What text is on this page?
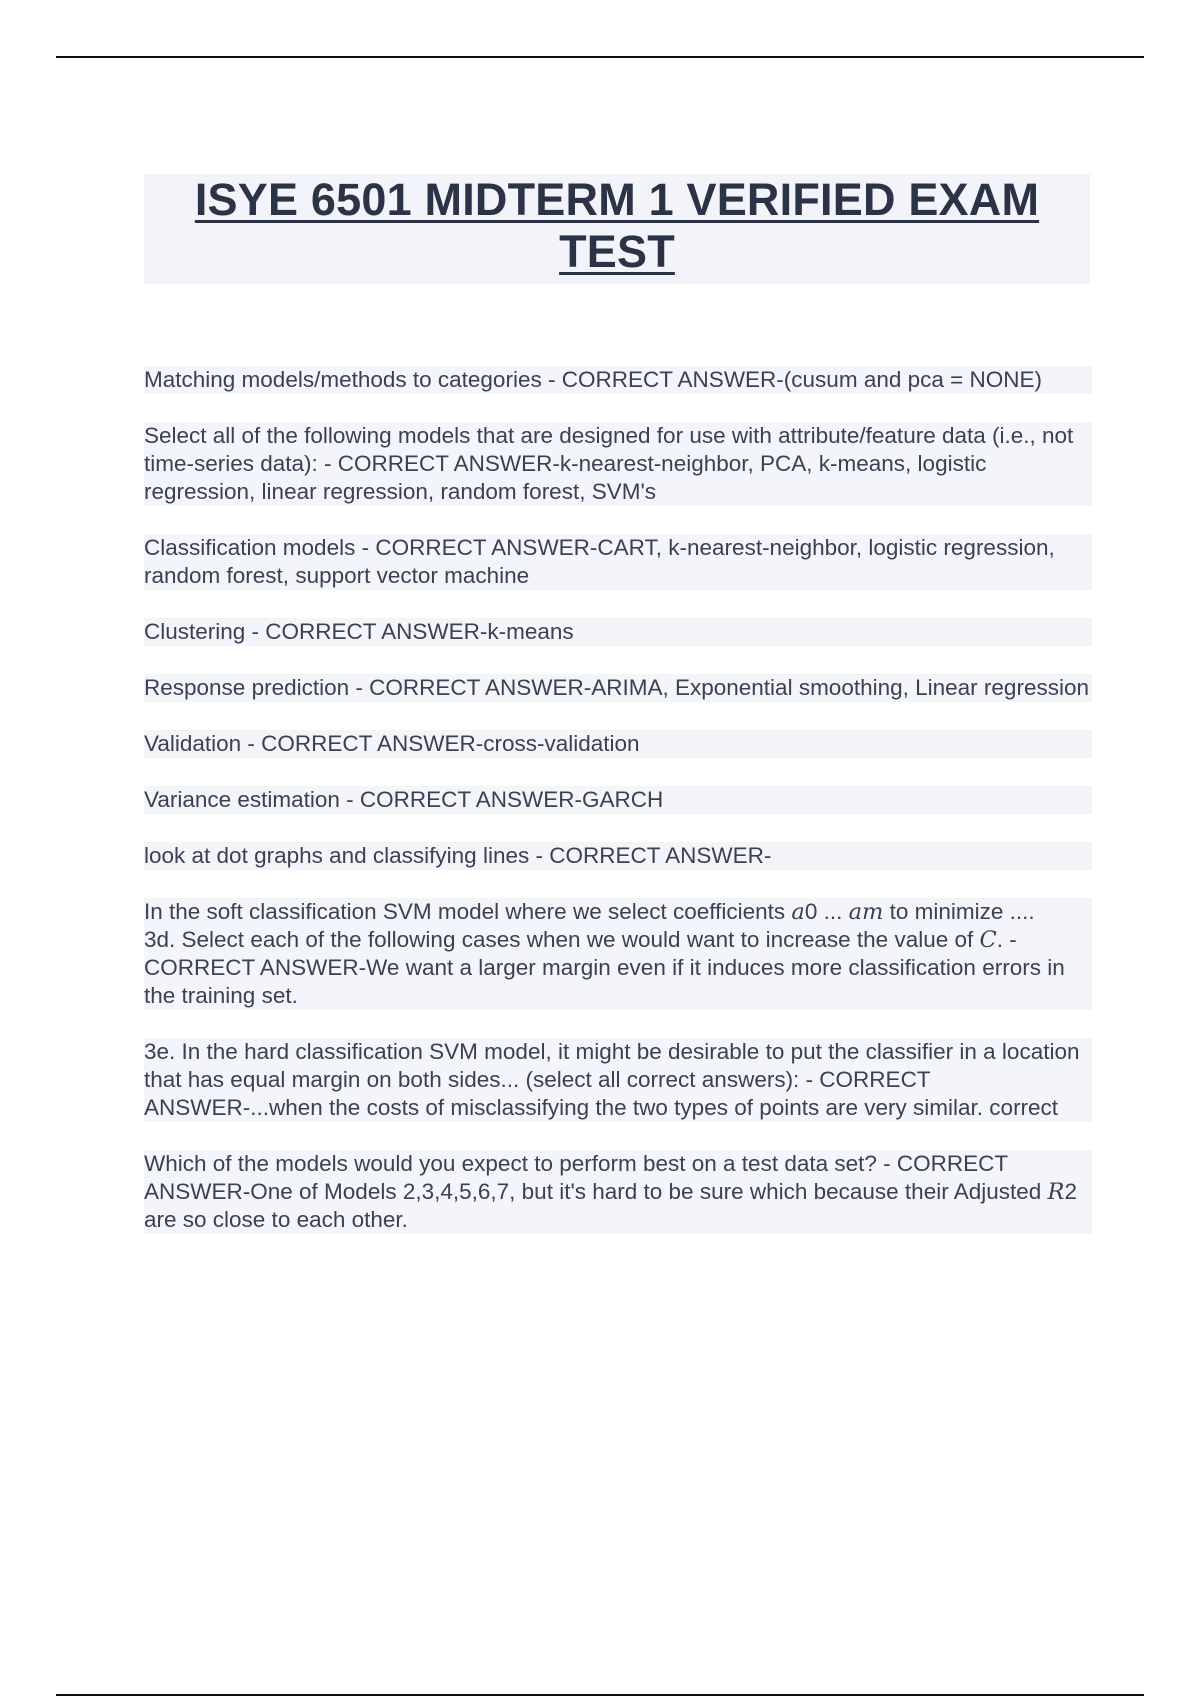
ISYE 6501 MIDTERM 1 VERIFIED EXAM
TEST

Matching models/methods to categories - CORRECT ANSWER-(cusum and pca = NONE)

Select all of the following models that are designed for use with attribute/feature data (i.e., not time-series data): - CORRECT ANSWER-k-nearest-neighbor, PCA, k-means, logistic regression, linear regression, random forest, SVM's

Classification models - CORRECT ANSWER-CART, k-nearest-neighbor, logistic regression, random forest, support vector machine

Clustering - CORRECT ANSWER-k-means

Response prediction - CORRECT ANSWER-ARIMA, Exponential smoothing, Linear regression

Validation - CORRECT ANSWER-cross-validation

Variance estimation - CORRECT ANSWER-GARCH

look at dot graphs and classifying lines - CORRECT ANSWER-

In the soft classification SVM model where we select coefficients a0 ... am to minimize ....

3d. Select each of the following cases when we would want to increase the value of C. - CORRECT ANSWER-We want a larger margin even if it induces more classification errors in the training set.

3e. In the hard classification SVM model, it might be desirable to put the classifier in a location that has equal margin on both sides... (select all correct answers): - CORRECT ANSWER-...when the costs of misclassifying the two types of points are very similar. correct

Which of the models would you expect to perform best on a test data set? - CORRECT ANSWER-One of Models 2,3,4,5,6,7, but it's hard to be sure which because their Adjusted R2 are so close to each other.
